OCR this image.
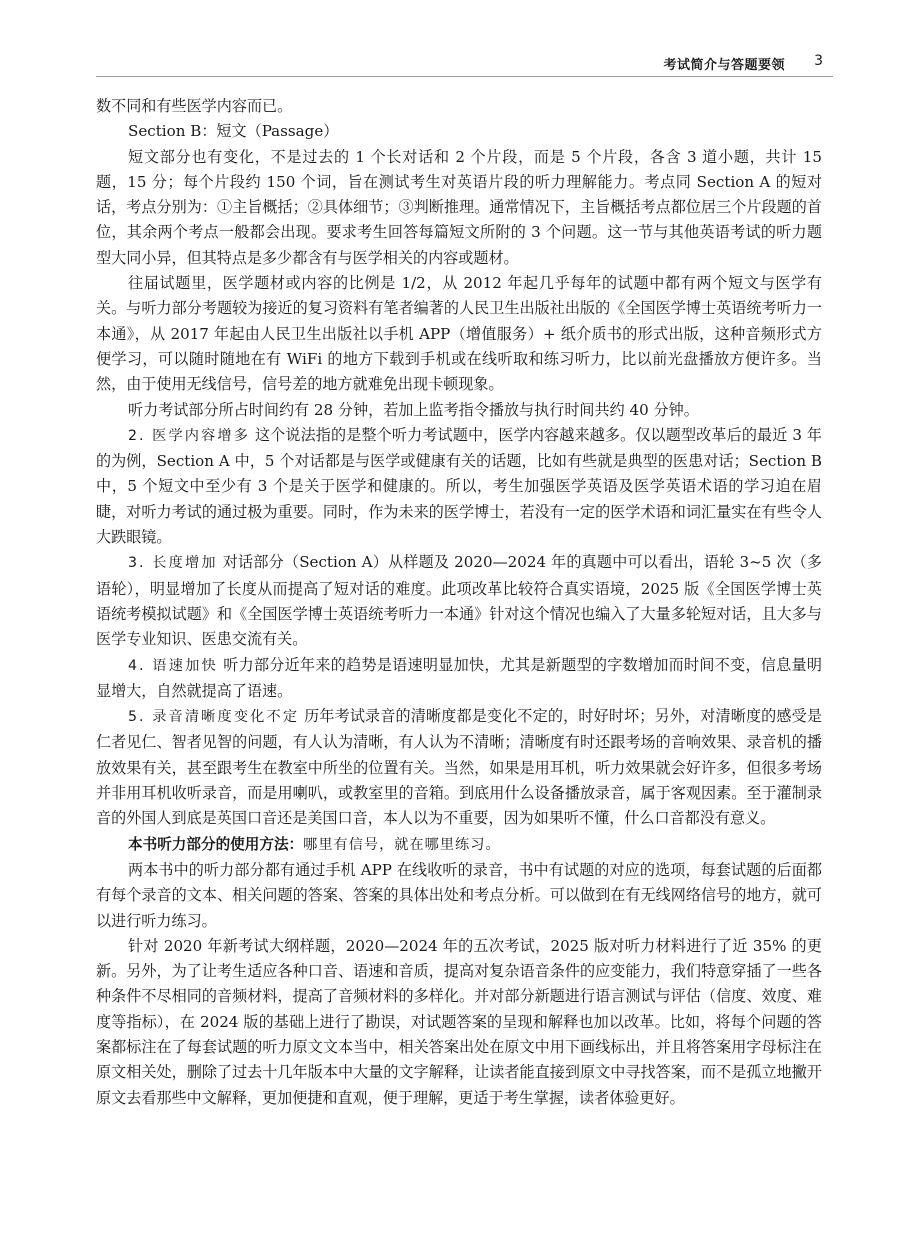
考试简介与答题要领 3

数不同和有些医学内容而已。

Section B：短文（Passage）

短文部分也有变化，不是过去的 1 个长对话和 2 个片段，而是 5 个片段，各含 3 道小题，共计 15 题，15 分；每个片段约 150 个词，旨在测试考生对英语片段的听力理解能力。考点同 Section A 的短对话，考点分别为：①主旨概括；②具体细节；③判断推理。通常情况下，主旨概括考点都位居三个片段题的首位，其余两个考点一般都会出现。要求考生回答每篇短文所附的 3 个问题。这一节与其他英语考试的听力题型大同小异，但其特点是多少都含有与医学相关的内容或题材。

往届试题里，医学题材或内容的比例是 1/2，从 2012 年起几乎每年的试题中都有两个短文与医学有关。与听力部分考题较为接近的复习资料有笔者编著的人民卫生出版社出版的《全国医学博士英语统考听力一本通》，从 2017 年起由人民卫生出版社以手机 APP（增值服务）+ 纸介质书的形式出版，这种音频形式方便学习，可以随时随地在有 WiFi 的地方下载到手机或在线听取和练习听力，比以前光盘播放方便许多。当然，由于使用无线信号，信号差的地方就难免出现卡顿现象。

听力考试部分所占时间约有 28 分钟，若加上监考指令播放与执行时间共约 40 分钟。

2. 医学内容增多 这个说法指的是整个听力考试题中，医学内容越来越多。仅以题型改革后的最近 3 年的为例，Section A 中，5 个对话都是与医学或健康有关的话题，比如有些就是典型的医患对话；Section B 中，5 个短文中至少有 3 个是关于医学和健康的。所以，考生加强医学英语及医学英语术语的学习迫在眉睫，对听力考试的通过极为重要。同时，作为未来的医学博士，若没有一定的医学术语和词汇量实在有些令人大跌眼镜。

3. 长度增加 对话部分（Section A）从样题及 2020—2024 年的真题中可以看出，语轮 3~5 次（多语轮），明显增加了长度从而提高了短对话的难度。此项改革比较符合真实语境，2025 版《全国医学博士英语统考模拟试题》和《全国医学博士英语统考听力一本通》针对这个情况也编入了大量多轮短对话，且大多与医学专业知识、医患交流有关。

4. 语速加快 听力部分近年来的趋势是语速明显加快，尤其是新题型的字数增加而时间不变，信息量明显增大，自然就提高了语速。

5. 录音清晰度变化不定 历年考试录音的清晰度都是变化不定的，时好时坏；另外，对清晰度的感受是仁者见仁、智者见智的问题，有人认为清晰，有人认为不清晰；清晰度有时还跟考场的音响效果、录音机的播放效果有关，甚至跟考生在教室中所坐的位置有关。当然，如果是用耳机，听力效果就会好许多，但很多考场并非用耳机收听录音，而是用喇叭，或教室里的音箱。到底用什么设备播放录音，属于客观因素。至于灌制录音的外国人到底是英国口音还是美国口音，本人以为不重要，因为如果听不懂，什么口音都没有意义。

本书听力部分的使用方法：哪里有信号，就在哪里练习。

两本书中的听力部分都有通过手机 APP 在线收听的录音，书中有试题的对应的选项，每套试题的后面都有每个录音的文本、相关问题的答案、答案的具体出处和考点分析。可以做到在有无线网络信号的地方，就可以进行听力练习。

针对 2020 年新考试大纲样题，2020—2024 年的五次考试，2025 版对听力材料进行了近 35% 的更新。另外，为了让考生适应各种口音、语速和音质，提高对复杂语音条件的应变能力，我们特意穿插了一些各种条件不尽相同的音频材料，提高了音频材料的多样化。并对部分新题进行语言测试与评估（信度、效度、难度等指标），在 2024 版的基础上进行了勘误，对试题答案的呈现和解释也加以改革。比如，将每个问题的答案都标注在了每套试题的听力原文文本当中，相关答案出处在原文中用下画线标出，并且将答案用字母标注在原文相关处，删除了过去十几年版本中大量的文字解释，让读者能直接到原文中寻找答案，而不是孤立地撇开原文去看那些中文解释，更加便捷和直观，便于理解，更适于考生掌握，读者体验更好。
